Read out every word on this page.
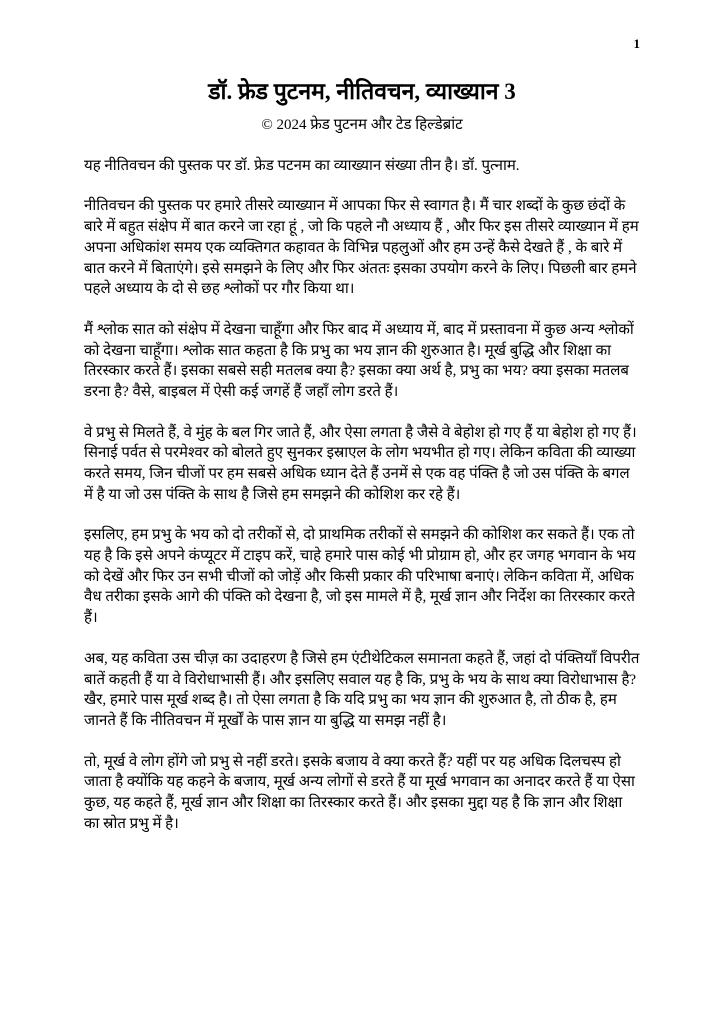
1
डॉ. फ्रेड पुटनम, नीतिवचन, व्याख्यान 3
© 2024 फ्रेड पुटनम और टेड हिल्डेब्रांट

यह नीतिवचन की पुस्तक पर डॉ. फ्रेड पटनम का व्याख्यान संख्या तीन है। डॉ. पुत्नाम.

नीतिवचन की पुस्तक पर हमारे तीसरे व्याख्यान में आपका फिर से स्वागत है। मैं चार शब्दों के कुछ छंदों के बारे में बहुत संक्षेप में बात करने जा रहा हूं , जो कि पहले नौ अध्याय हैं , और फिर इस तीसरे व्याख्यान में हम अपना अधिकांश समय एक व्यक्तिगत कहावत के विभिन्न पहलुओं और हम उन्हें कैसे देखते हैं , के बारे में बात करने में बिताएंगे। इसे समझने के लिए और फिर अंततः इसका उपयोग करने के लिए। पिछली बार हमने पहले अध्याय के दो से छह श्लोकों पर गौर किया था।

मैं श्लोक सात को संक्षेप में देखना चाहूँगा और फिर बाद में अध्याय में, बाद में प्रस्तावना में कुछ अन्य श्लोकों को देखना चाहूँगा। श्लोक सात कहता है कि प्रभु का भय ज्ञान की शुरुआत है। मूर्ख बुद्धि और शिक्षा का तिरस्कार करते हैं। इसका सबसे सही मतलब क्या है? इसका क्या अर्थ है, प्रभु का भय? क्या इसका मतलब डरना है? वैसे, बाइबल में ऐसी कई जगहें हैं जहाँ लोग डरते हैं।

वे प्रभु से मिलते हैं, वे मुंह के बल गिर जाते हैं, और ऐसा लगता है जैसे वे बेहोश हो गए हैं या बेहोश हो गए हैं। सिनाई पर्वत से परमेश्वर को बोलते हुए सुनकर इस्राएल के लोग भयभीत हो गए। लेकिन कविता की व्याख्या करते समय, जिन चीजों पर हम सबसे अधिक ध्यान देते हैं उनमें से एक वह पंक्ति है जो उस पंक्ति के बगल में है या जो उस पंक्ति के साथ है जिसे हम समझने की कोशिश कर रहे हैं।

इसलिए, हम प्रभु के भय को दो तरीकों से, दो प्राथमिक तरीकों से समझने की कोशिश कर सकते हैं। एक तो यह है कि इसे अपने कंप्यूटर में टाइप करें, चाहे हमारे पास कोई भी प्रोग्राम हो, और हर जगह भगवान के भय को देखें और फिर उन सभी चीजों को जोड़ें और किसी प्रकार की परिभाषा बनाएं। लेकिन कविता में, अधिक वैध तरीका इसके आगे की पंक्ति को देखना है, जो इस मामले में है, मूर्ख ज्ञान और निर्देश का तिरस्कार करते हैं।

अब, यह कविता उस चीज़ का उदाहरण है जिसे हम एंटीथेटिकल समानता कहते हैं, जहां दो पंक्तियाँ विपरीत बातें कहती हैं या वे विरोधाभासी हैं। और इसलिए सवाल यह है कि, प्रभु के भय के साथ क्या विरोधाभास है? खैर, हमारे पास मूर्ख शब्द है। तो ऐसा लगता है कि यदि प्रभु का भय ज्ञान की शुरुआत है, तो ठीक है, हम जानते हैं कि नीतिवचन में मूर्खों के पास ज्ञान या बुद्धि या समझ नहीं है।

तो, मूर्ख वे लोग होंगे जो प्रभु से नहीं डरते। इसके बजाय वे क्या करते हैं? यहीं पर यह अधिक दिलचस्प हो जाता है क्योंकि यह कहने के बजाय, मूर्ख अन्य लोगों से डरते हैं या मूर्ख भगवान का अनादर करते हैं या ऐसा कुछ, यह कहते हैं, मूर्ख ज्ञान और शिक्षा का तिरस्कार करते हैं। और इसका मुद्दा यह है कि ज्ञान और शिक्षा का स्रोत प्रभु में है।
